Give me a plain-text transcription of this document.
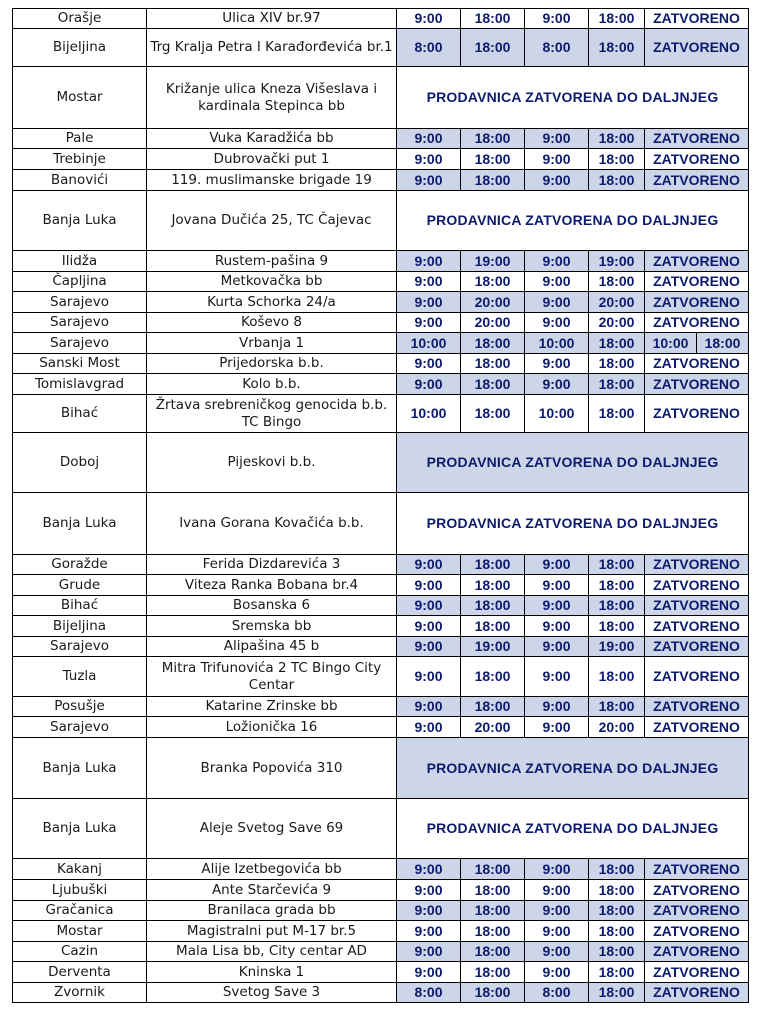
Orašje	Ulica XIV br.97	9:00	18:00	9:00	18:00	ZATVORENO	
Bijeljina	Trg Kralja Petra I Karađorđevića br.1	8:00	18:00	8:00	18:00	ZATVORENO	
Mostar	Križanje ulica Kneza Višeslava i kardinala Stepinca bb	PRODAVNICA ZATVORENA DO DALJNJEG					
Pale	Vuka Karadžića bb	9:00	18:00	9:00	18:00	ZATVORENO	
Trebinje	Dubrovački put 1	9:00	18:00	9:00	18:00	ZATVORENO	
Banovići	119. muslimanske brigade 19	9:00	18:00	9:00	18:00	ZATVORENO	
Banja Luka	Jovana Dučića 25, TC Čajevac	PRODAVNICA ZATVORENA DO DALJNJEG					
Ilidža	Rustem-pašina 9	9:00	19:00	9:00	19:00	ZATVORENO	
Čapljina	Metkovačka bb	9:00	18:00	9:00	18:00	ZATVORENO	
Sarajevo	Kurta Schorka 24/a	9:00	20:00	9:00	20:00	ZATVORENO	
Sarajevo	Koševo 8	9:00	20:00	9:00	20:00	ZATVORENO	
Sarajevo	Vrbanja 1	10:00	18:00	10:00	18:00	10:00	18:00
Sanski Most	Prijedorska b.b.	9:00	18:00	9:00	18:00	ZATVORENO	
Tomislavgrad	Kolo b.b.	9:00	18:00	9:00	18:00	ZATVORENO	
Bihać	Žrtava srebreničkog genocida b.b. TC Bingo	10:00	18:00	10:00	18:00	ZATVORENO	
Doboj	Pijeskovi b.b.	PRODAVNICA ZATVORENA DO DALJNJEG					
Banja Luka	Ivana Gorana Kovačića b.b.	PRODAVNICA ZATVORENA DO DALJNJEG					
Goražde	Ferida Dizdarevića 3	9:00	18:00	9:00	18:00	ZATVORENO	
Grude	Viteza Ranka Bobana br.4	9:00	18:00	9:00	18:00	ZATVORENO	
Bihać	Bosanska 6	9:00	18:00	9:00	18:00	ZATVORENO	
Bijeljina	Sremska bb	9:00	18:00	9:00	18:00	ZATVORENO	
Sarajevo	Alipašina 45 b	9:00	19:00	9:00	19:00	ZATVORENO	
Tuzla	Mitra Trifunovića 2 TC Bingo City Centar	9:00	18:00	9:00	18:00	ZATVORENO	
Posušje	Katarine Zrinske bb	9:00	18:00	9:00	18:00	ZATVORENO	
Sarajevo	Ložionička 16	9:00	20:00	9:00	20:00	ZATVORENO	
Banja Luka	Branka Popovića 310	PRODAVNICA ZATVORENA DO DALJNJEG					
Banja Luka	Aleje Svetog Save 69	PRODAVNICA ZATVORENA DO DALJNJEG					
Kakanj	Alije Izetbegovića bb	9:00	18:00	9:00	18:00	ZATVORENO	
Ljubuški	Ante Starčevića 9	9:00	18:00	9:00	18:00	ZATVORENO	
Gračanica	Branilaca grada bb	9:00	18:00	9:00	18:00	ZATVORENO	
Mostar	Magistralni put M-17 br.5	9:00	18:00	9:00	18:00	ZATVORENO	
Cazin	Mala Lisa bb, City centar AD	9:00	18:00	9:00	18:00	ZATVORENO	
Derventa	Kninska 1	9:00	18:00	9:00	18:00	ZATVORENO	
Zvornik	Svetog Save 3	8:00	18:00	8:00	18:00	ZATVORENO	
